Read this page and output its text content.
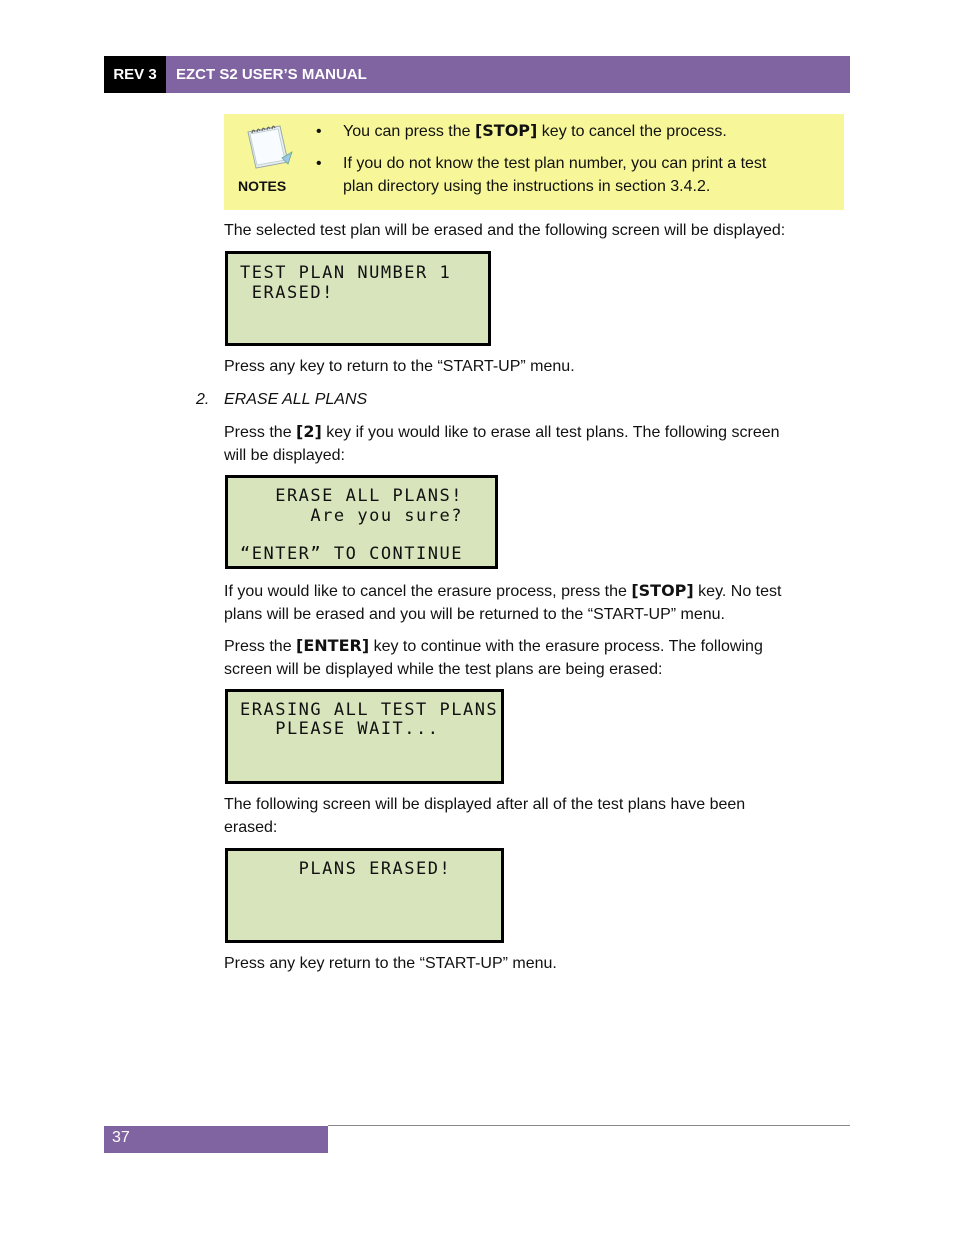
REV 3	EZCT S2 USER’S MANUAL
NOTES
• You can press the [STOP] key to cancel the process.
• If you do not know the test plan number, you can print a test
plan directory using the instructions in section 3.4.2.

The selected test plan will be erased and the following screen will be displayed:

TEST PLAN NUMBER 1

ERASED!

Press any key to return to the “START-UP” menu.

2. ERASE ALL PLANS

Press the [2] key if you would like to erase all test plans. The following screen
will be displayed:

ERASE ALL PLANS!

Are you sure?

“ENTER” TO CONTINUE

If you would like to cancel the erasure process, press the [STOP] key. No test
plans will be erased and you will be returned to the “START-UP” menu.

Press the [ENTER] key to continue with the erasure process. The following
screen will be displayed while the test plans are being erased:

ERASING ALL TEST PLANS

PLEASE WAIT...

The following screen will be displayed after all of the test plans have been
erased:

PLANS ERASED!

Press any key return to the “START-UP” menu.

37
